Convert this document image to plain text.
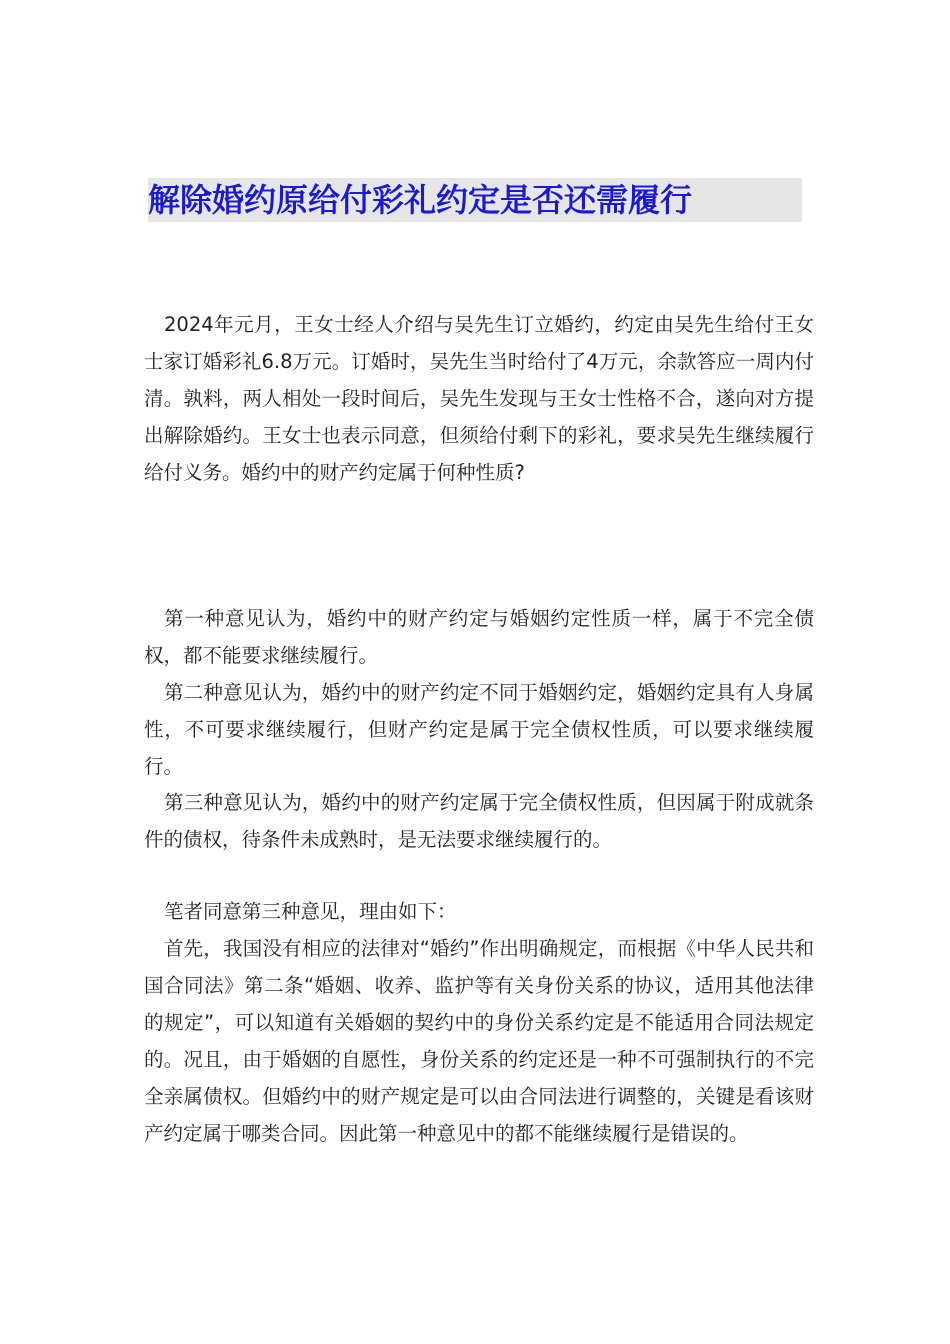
解除婚约原给付彩礼约定是否还需履行

2024年元月，王女士经人介绍与吴先生订立婚约，约定由吴先生给付王女士家订婚彩礼6.8万元。订婚时，吴先生当时给付了4万元，余款答应一周内付清。孰料，两人相处一段时间后，吴先生发现与王女士性格不合，遂向对方提出解除婚约。王女士也表示同意，但须给付剩下的彩礼，要求吴先生继续履行给付义务。婚约中的财产约定属于何种性质?

第一种意见认为，婚约中的财产约定与婚姻约定性质一样，属于不完全债权，都不能要求继续履行。

第二种意见认为，婚约中的财产约定不同于婚姻约定，婚姻约定具有人身属性，不可要求继续履行，但财产约定是属于完全债权性质，可以要求继续履行。

第三种意见认为，婚约中的财产约定属于完全债权性质，但因属于附成就条件的债权，待条件未成熟时，是无法要求继续履行的。

笔者同意第三种意见，理由如下：

首先，我国没有相应的法律对“婚约”作出明确规定，而根据《中华人民共和国合同法》第二条“婚姻、收养、监护等有关身份关系的协议，适用其他法律的规定”，可以知道有关婚姻的契约中的身份关系约定是不能适用合同法规定的。况且，由于婚姻的自愿性，身份关系的约定还是一种不可强制执行的不完全亲属债权。但婚约中的财产规定是可以由合同法进行调整的，关键是看该财产约定属于哪类合同。因此第一种意见中的都不能继续履行是错误的。
